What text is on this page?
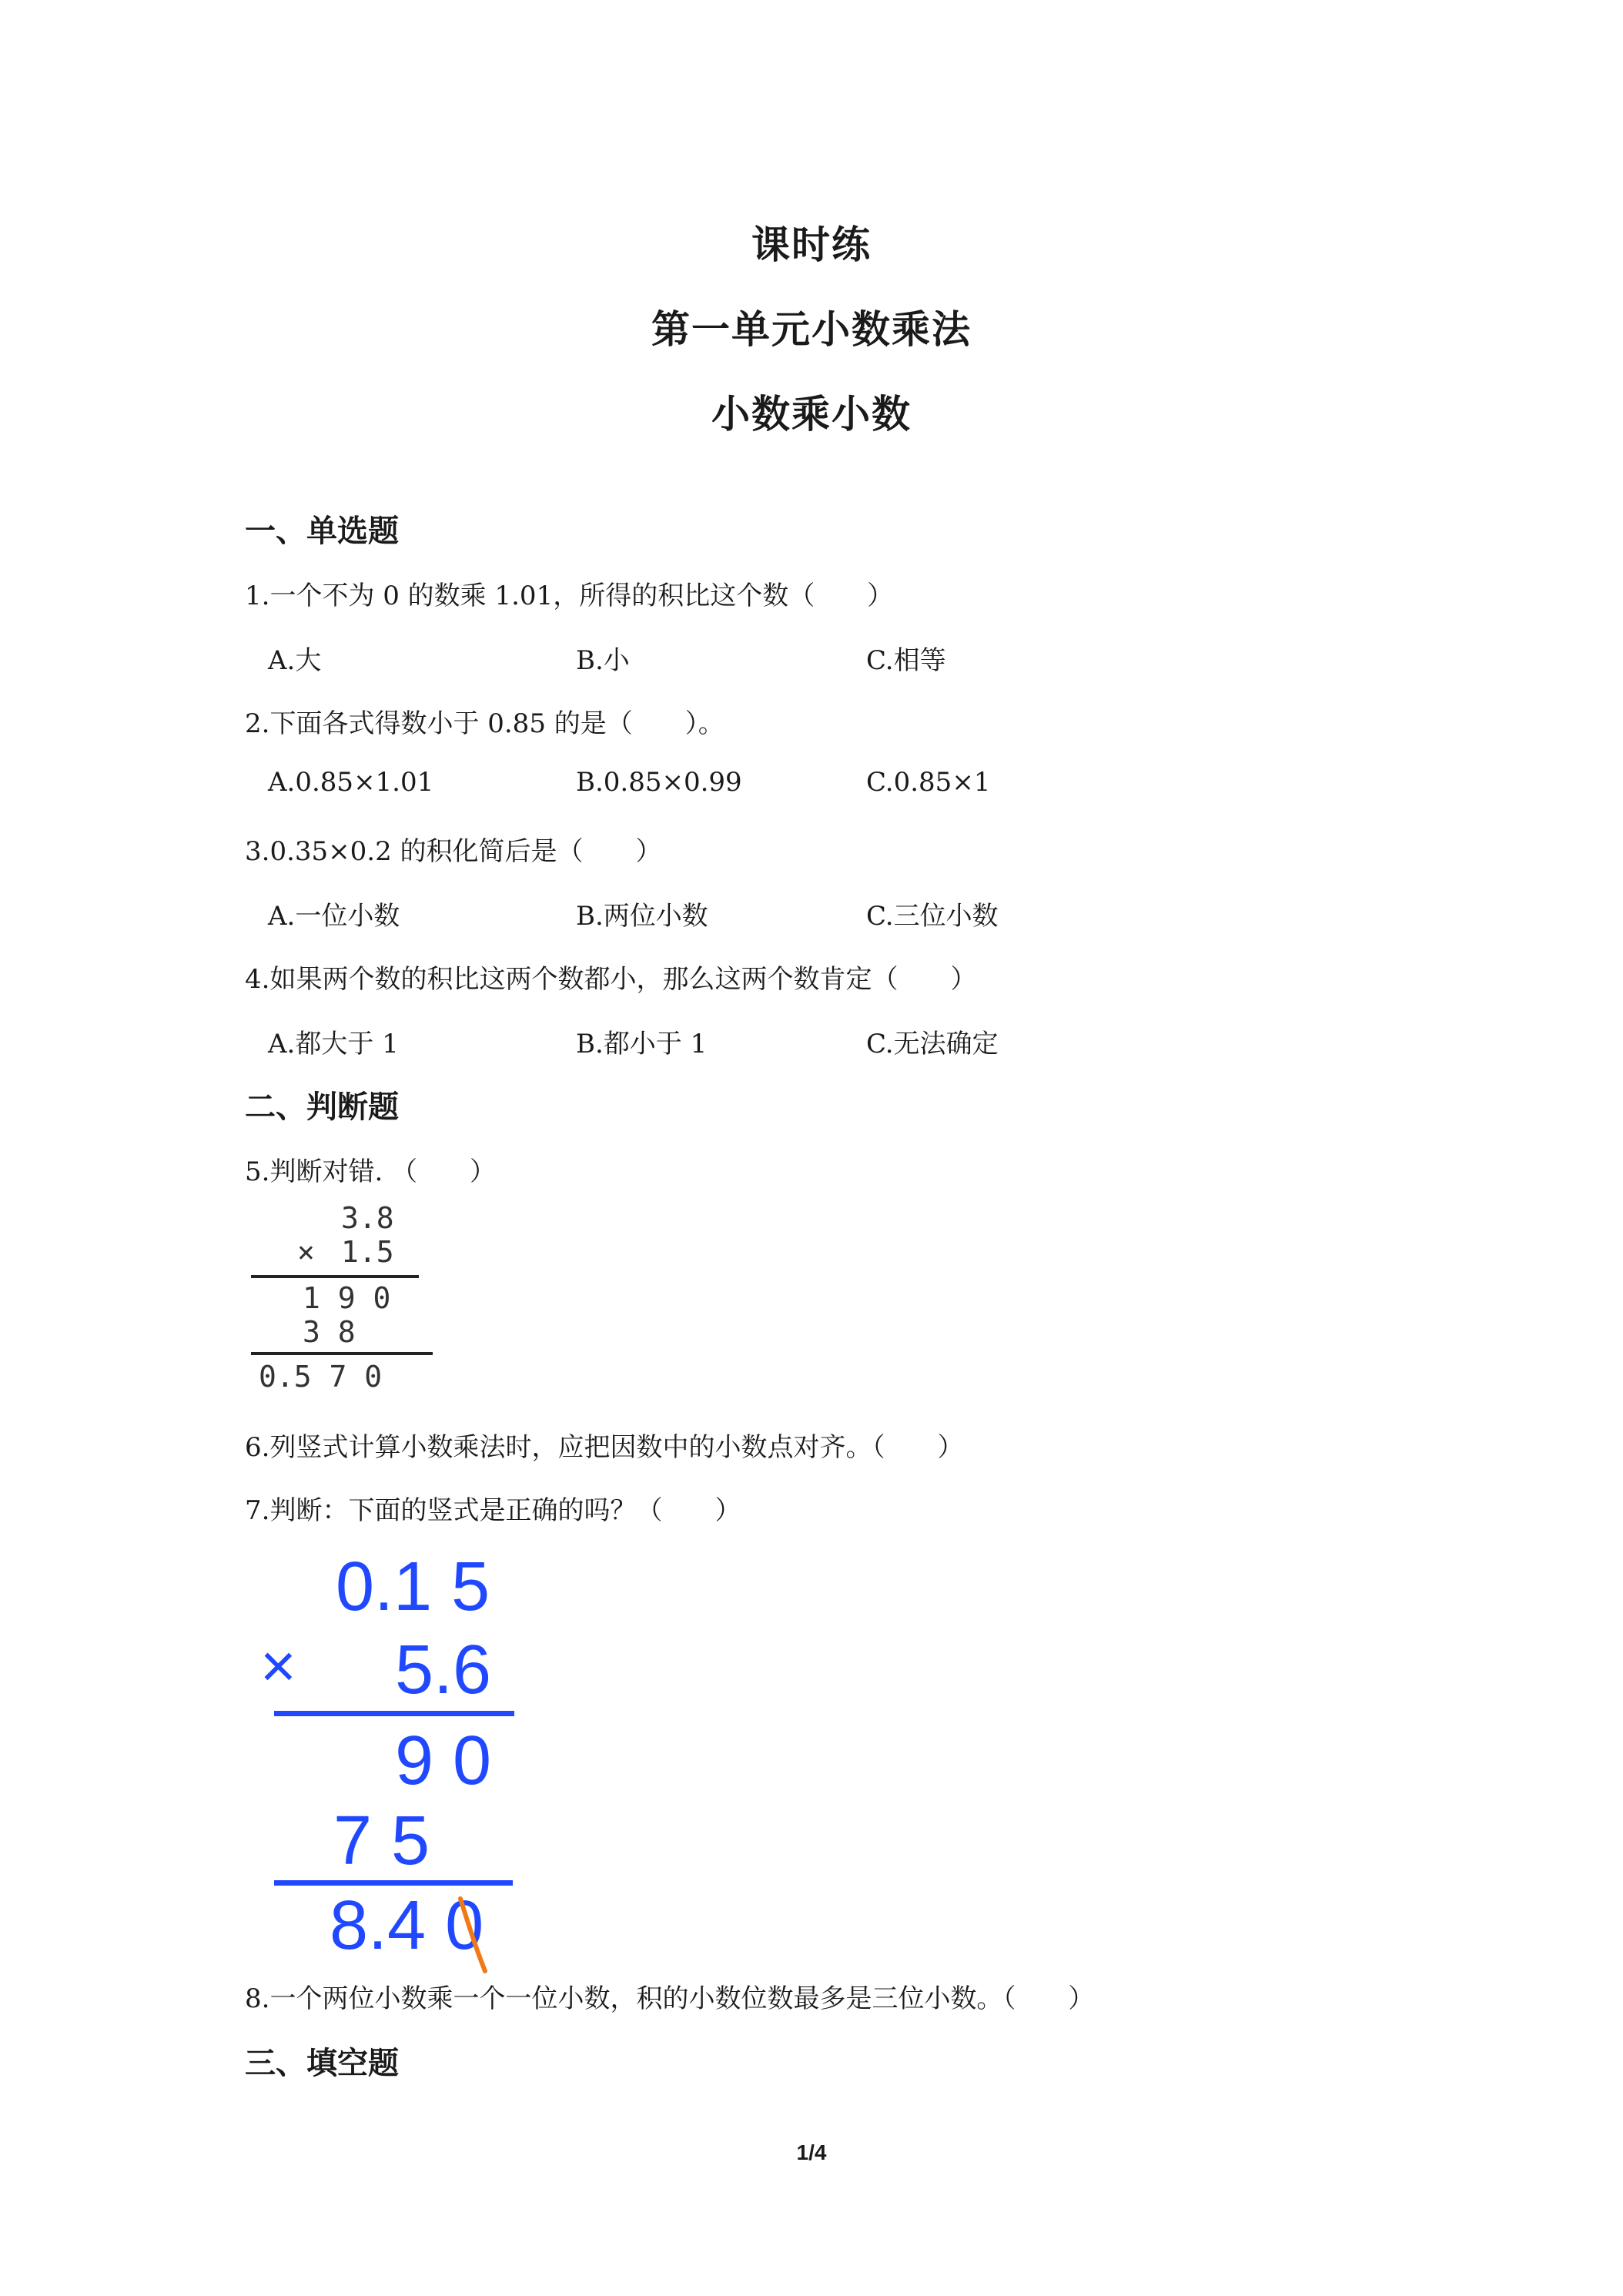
课时练
第一单元小数乘法
小数乘小数
一、单选题
1.一个不为 0 的数乘 1.01，所得的积比这个数（　　）
A.大	B.小	C.相等
2.下面各式得数小于 0.85 的是（　　）。
A.0.85×1.01	B.0.85×0.99	C.0.85×1
3.0.35×0.2 的积化简后是（　　）
A.一位小数	B.两位小数	C.三位小数
4.如果两个数的积比这两个数都小，那么这两个数肯定（　　）
A.都大于 1	B.都小于 1	C.无法确定
二、判断题
5.判断对错. （　　）
3.8
× 1.5
1 9 0
3 8
0.5 7 0
6.列竖式计算小数乘法时，应把因数中的小数点对齐。（　　）
7.判断：下面的竖式是正确的吗？（　　）
0.1 5
× 5.6
9 0
7 5
8.4 0
8.一个两位小数乘一个一位小数，积的小数位数最多是三位小数。（　　）
三、填空题
1/4
